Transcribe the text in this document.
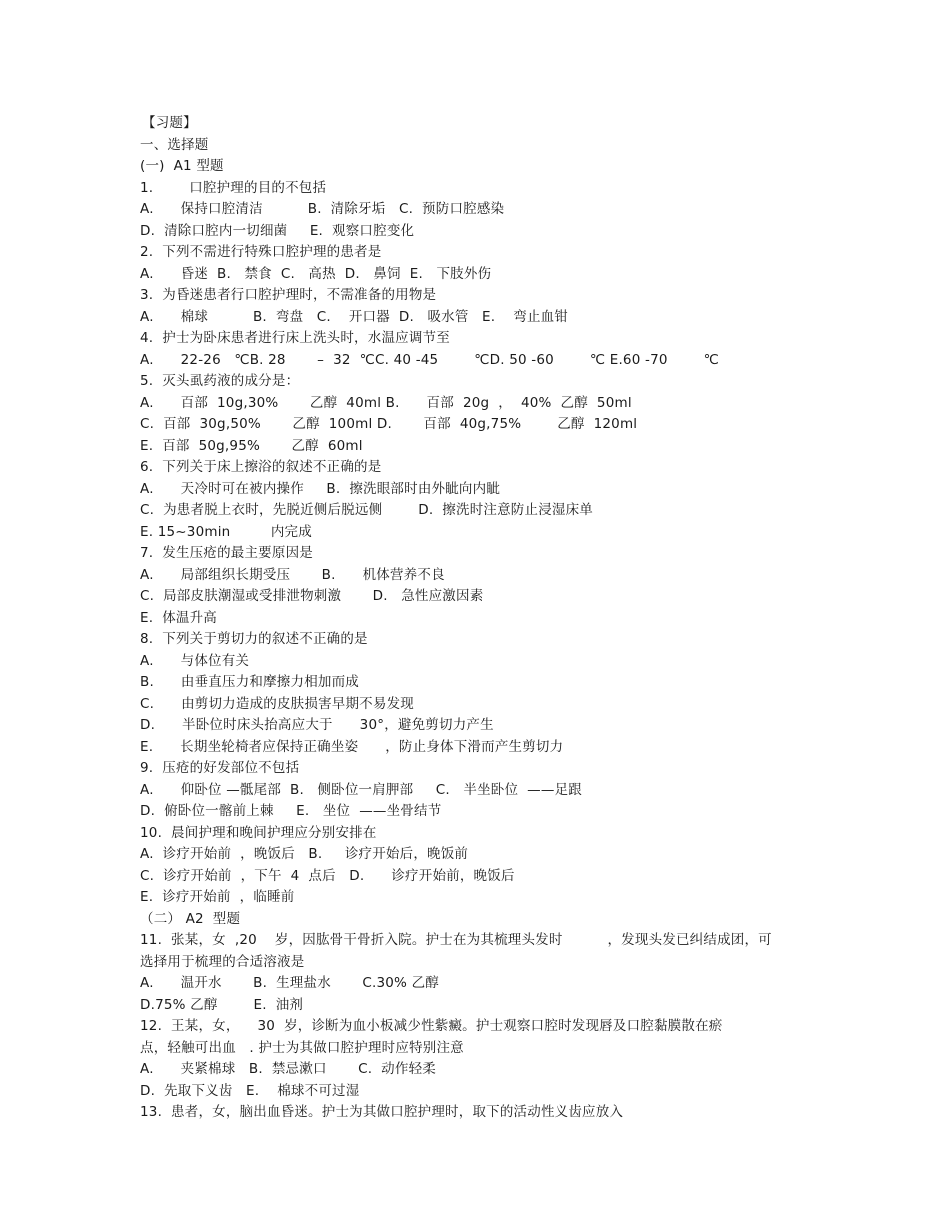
【习题】
一、选择题
(一)  A1 型题
1.        口腔护理的目的不包括
A.      保持口腔清洁          B.  清除牙垢   C.  预防口腔感染
D.  清除口腔内一切细菌     E.  观察口腔变化
2.  下列不需进行特殊口腔护理的患者是
A.      昏迷  B.   禁食  C.   高热  D.   鼻饲  E.   下肢外伤
3.  为昏迷患者行口腔护理时，不需准备的用物是
A.      棉球          B.  弯盘   C.    开口器  D.   吸水管   E.    弯止血钳
4.  护士为卧床患者进行床上洗头时，水温应调节至
A.      22-26   ℃B. 28       –  32  ℃C. 40 -45        ℃D. 50 -60        ℃ E.60 -70        ℃
5.  灭头虱药液的成分是：
A.      百部  10g,30%       乙醇  40ml B.      百部  20g  ，  40%  乙醇  50ml
C.  百部  30g,50%       乙醇  100ml D.       百部  40g,75%        乙醇  120ml
E.  百部  50g,95%       乙醇  60ml
6.  下列关于床上擦浴的叙述不正确的是
A.      天冷时可在被内操作     B.  擦洗眼部时由外眦向内眦
C.  为患者脱上衣时，先脱近侧后脱远侧        D.  擦洗时注意防止浸湿床单
E. 15~30min         内完成
7.  发生压疮的最主要原因是
A.      局部组织长期受压       B.      机体营养不良
C.  局部皮肤潮湿或受排泄物刺激       D.   急性应激因素
E.  体温升高
8.  下列关于剪切力的叙述不正确的是
A.      与体位有关
B.      由垂直压力和摩擦力相加而成
C.      由剪切力造成的皮肤损害早期不易发现
D.      半卧位时床头抬高应大于      30°，避免剪切力产生
E.      长期坐轮椅者应保持正确坐姿      ，防止身体下滑而产生剪切力
9.  压疮的好发部位不包括
A.      仰卧位 —骶尾部  B.   侧卧位一肩胛部     C.   半坐卧位  ——足跟
D.  俯卧位一髂前上棘     E.   坐位  ——坐骨结节
10.  晨间护理和晚间护理应分别安排在
A.  诊疗开始前  ，晚饭后   B.     诊疗开始后，晚饭前
C.  诊疗开始前  ，下午  4  点后   D.      诊疗开始前，晚饭后
E.  诊疗开始前  ，临睡前
（二） A2  型题
11.  张某，女  ,20    岁，因肱骨干骨折入院。护士在为其梳理头发时          ，发现头发已纠结成团，可
选择用于梳理的合适溶液是
A.      温开水       B.  生理盐水       C.30% 乙醇
D.75% 乙醇        E.  油剂
12.  王某，女，    30  岁，诊断为血小板减少性紫癜。护士观察口腔时发现唇及口腔黏膜散在瘀
点，轻触可出血   . 护士为其做口腔护理时应特别注意
A.      夹紧棉球   B.  禁忌漱口       C.  动作轻柔
D.  先取下义齿   E.    棉球不可过湿
13.  患者，女，脑出血昏迷。护士为其做口腔护理时，取下的活动性义齿应放入
